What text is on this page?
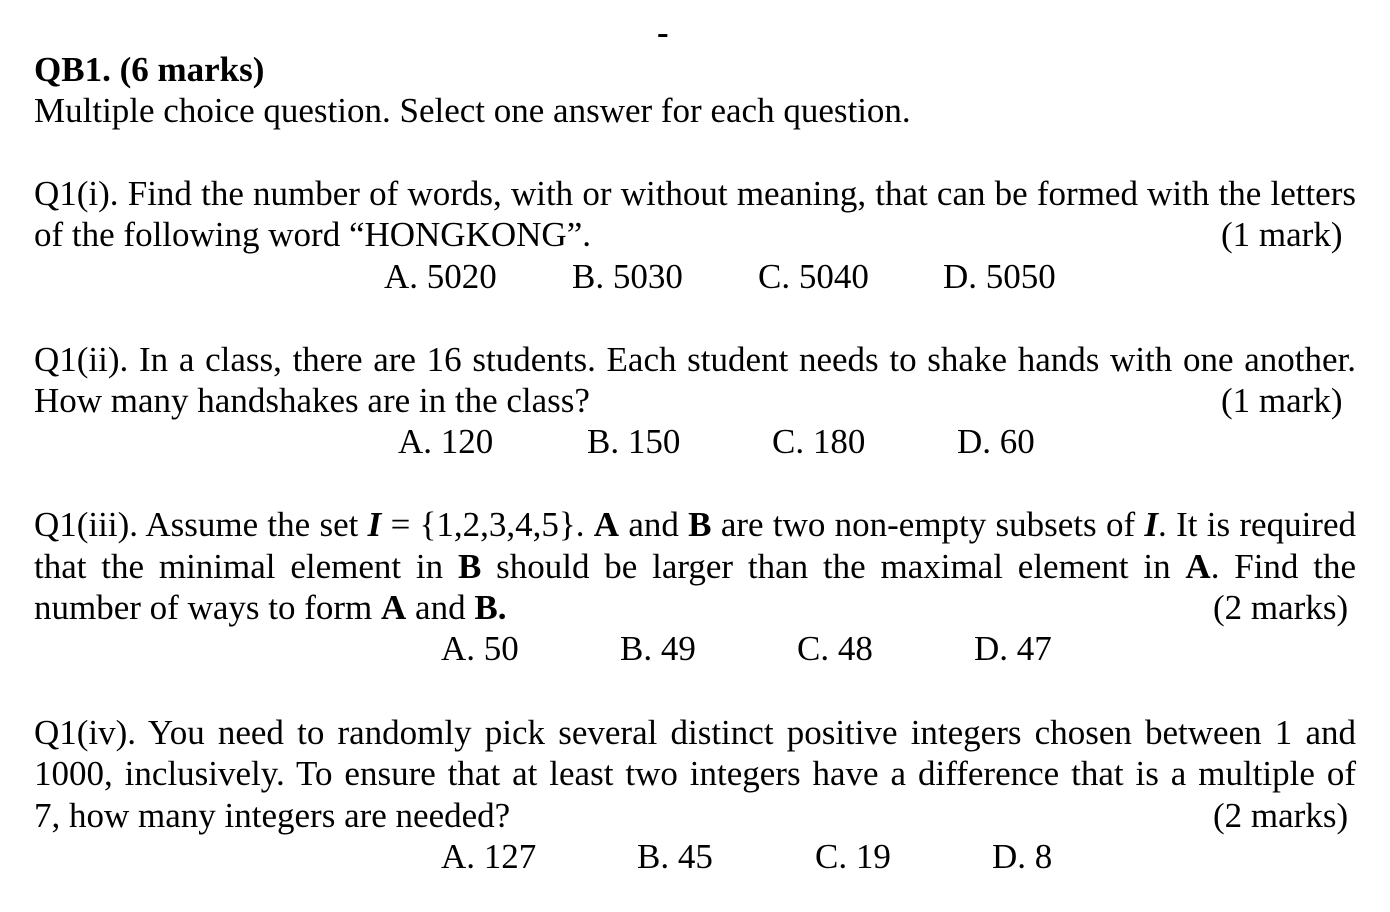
-
QB1. (6 marks)
Multiple choice question. Select one answer for each question.
Q1(i). Find the number of words, with or without meaning, that can be formed with the letters
of the following word “HONGKONG”.	(1 mark)
A. 5020 B. 5030 C. 5040 D. 5050
Q1(ii). In a class, there are 16 students. Each student needs to shake hands with one another.
How many handshakes are in the class?	(1 mark)
A. 120	B. 150	C. 180	D. 60
Q1(iii). Assume the set I = {1,2,3,4,5}. A and B are two non-empty subsets of I. It is required
that the minimal element in B should be larger than the maximal element in A. Find the
number of ways to form A and B.	(2 marks)
A. 50	B. 49	C. 48	D. 47
Q1(iv). You need to randomly pick several distinct positive integers chosen between 1 and
1000, inclusively. To ensure that at least two integers have a difference that is a multiple of
7, how many integers are needed?	(2 marks)
A. 127	B. 45	C. 19	D. 8
